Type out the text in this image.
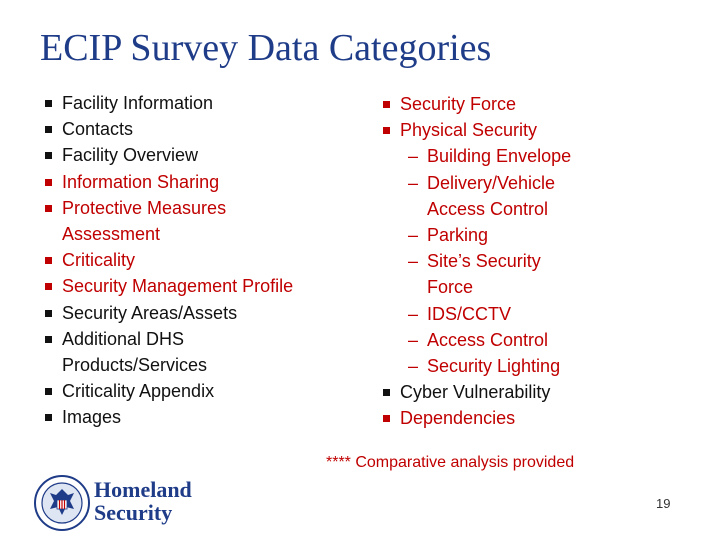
ECIP Survey Data Categories
Facility Information
Contacts
Facility Overview
Information Sharing
Protective Measures
Assessment
Criticality
Security Management Profile
Security Areas/Assets
Additional DHS
Products/Services
Criticality Appendix
Images
Security Force
Physical Security
– Building Envelope
– Delivery/Vehicle
Access Control
– Parking
– Site’s Security
Force
– IDS/CCTV
– Access Control
– Security Lighting
Cyber Vulnerability
Dependencies
**** Comparative analysis provided
Homeland
Security	19
